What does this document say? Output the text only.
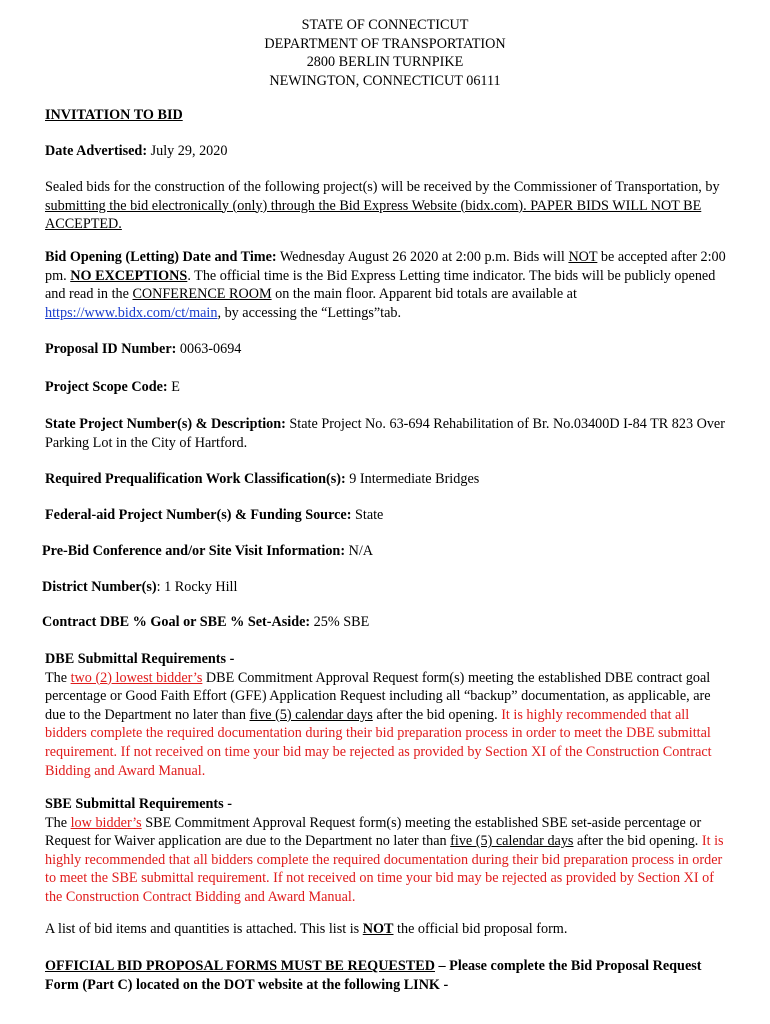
STATE OF CONNECTICUT
DEPARTMENT OF TRANSPORTATION
2800 BERLIN TURNPIKE
NEWINGTON, CONNECTICUT 06111
INVITATION TO BID
Date Advertised: July 29, 2020
Sealed bids for the construction of the following project(s) will be received by the Commissioner of Transportation, by submitting the bid electronically (only) through the Bid Express Website (bidx.com). PAPER BIDS WILL NOT BE ACCEPTED.
Bid Opening (Letting) Date and Time: Wednesday August 26 2020 at 2:00 p.m. Bids will NOT be accepted after 2:00 pm. NO EXCEPTIONS. The official time is the Bid Express Letting time indicator. The bids will be publicly opened and read in the CONFERENCE ROOM on the main floor. Apparent bid totals are available at https://www.bidx.com/ct/main, by accessing the “Lettings”tab.
Proposal ID Number: 0063-0694
Project Scope Code: E
State Project Number(s) & Description: State Project No. 63-694 Rehabilitation of Br. No.03400D I-84 TR 823 Over Parking Lot in the City of Hartford.
Required Prequalification Work Classification(s): 9 Intermediate Bridges
Federal-aid Project Number(s) & Funding Source: State
Pre-Bid Conference and/or Site Visit Information: N/A
District Number(s): 1 Rocky Hill
Contract DBE % Goal or SBE % Set-Aside: 25% SBE
DBE Submittal Requirements -
The two (2) lowest bidder’s DBE Commitment Approval Request form(s) meeting the established DBE contract goal percentage or Good Faith Effort (GFE) Application Request including all “backup” documentation, as applicable, are due to the Department no later than five (5) calendar days after the bid opening. It is highly recommended that all bidders complete the required documentation during their bid preparation process in order to meet the DBE submittal requirement. If not received on time your bid may be rejected as provided by Section XI of the Construction Contract Bidding and Award Manual.
SBE Submittal Requirements -
The low bidder’s SBE Commitment Approval Request form(s) meeting the established SBE set-aside percentage or Request for Waiver application are due to the Department no later than five (5) calendar days after the bid opening. It is highly recommended that all bidders complete the required documentation during their bid preparation process in order to meet the SBE submittal requirement. If not received on time your bid may be rejected as provided by Section XI of the Construction Contract Bidding and Award Manual.
A list of bid items and quantities is attached. This list is NOT the official bid proposal form.
OFFICIAL BID PROPOSAL FORMS MUST BE REQUESTED – Please complete the Bid Proposal Request Form (Part C) located on the DOT website at the following LINK -
